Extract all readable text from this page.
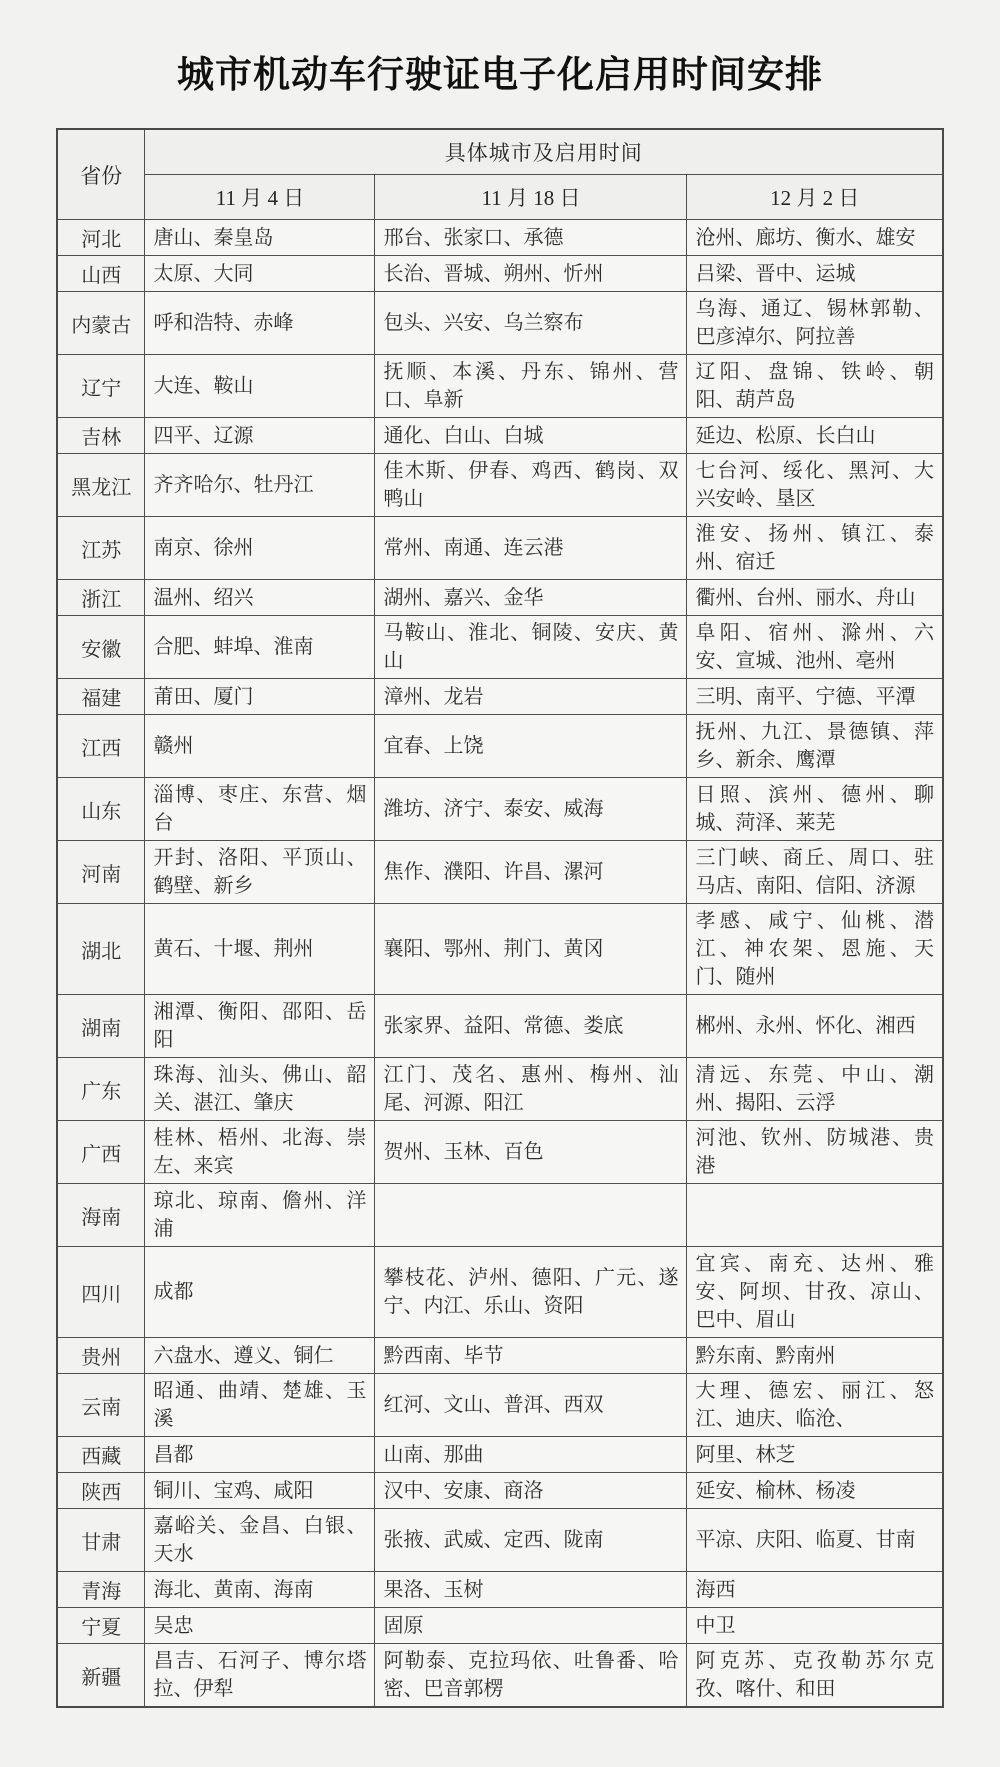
城市机动车行驶证电子化启用时间安排
省份	具体城市及启用时间		
	11 月 4 日	11 月 18 日	12 月 2 日
河北	唐山、秦皇岛	邢台、张家口、承德	沧州、廊坊、衡水、雄安
山西	太原、大同	长治、晋城、朔州、忻州	吕梁、晋中、运城
内蒙古	呼和浩特、赤峰	包头、兴安、乌兰察布	乌海、通辽、锡林郭勒、巴彦淖尔、阿拉善
辽宁	大连、鞍山	抚顺、本溪、丹东、锦州、营口、阜新	辽阳、盘锦、铁岭、朝阳、葫芦岛
吉林	四平、辽源	通化、白山、白城	延边、松原、长白山
黑龙江	齐齐哈尔、牡丹江	佳木斯、伊春、鸡西、鹤岗、双鸭山	七台河、绥化、黑河、大兴安岭、垦区
江苏	南京、徐州	常州、南通、连云港	淮安、扬州、镇江、泰州、宿迁
浙江	温州、绍兴	湖州、嘉兴、金华	衢州、台州、丽水、舟山
安徽	合肥、蚌埠、淮南	马鞍山、淮北、铜陵、安庆、黄山	阜阳、宿州、滁州、六安、宣城、池州、亳州
福建	莆田、厦门	漳州、龙岩	三明、南平、宁德、平潭
江西	赣州	宜春、上饶	抚州、九江、景德镇、萍乡、新余、鹰潭
山东	淄博、枣庄、东营、烟台	潍坊、济宁、泰安、威海	日照、滨州、德州、聊城、菏泽、莱芜
河南	开封、洛阳、平顶山、鹤壁、新乡	焦作、濮阳、许昌、漯河	三门峡、商丘、周口、驻马店、南阳、信阳、济源
湖北	黄石、十堰、荆州	襄阳、鄂州、荆门、黄冈	孝感、咸宁、仙桃、潜江、神农架、恩施、天门、随州
湖南	湘潭、衡阳、邵阳、岳阳	张家界、益阳、常德、娄底	郴州、永州、怀化、湘西
广东	珠海、汕头、佛山、韶关、湛江、肇庆	江门、茂名、惠州、梅州、汕尾、河源、阳江	清远、东莞、中山、潮州、揭阳、云浮
广西	桂林、梧州、北海、崇左、来宾	贺州、玉林、百色	河池、钦州、防城港、贵港
海南	琼北、琼南、儋州、洋浦		
四川	成都	攀枝花、泸州、德阳、广元、遂宁、内江、乐山、资阳	宜宾、南充、达州、雅安、阿坝、甘孜、凉山、巴中、眉山
贵州	六盘水、遵义、铜仁	黔西南、毕节	黔东南、黔南州
云南	昭通、曲靖、楚雄、玉溪	红河、文山、普洱、西双	大理、德宏、丽江、怒江、迪庆、临沧、
西藏	昌都	山南、那曲	阿里、林芝
陕西	铜川、宝鸡、咸阳	汉中、安康、商洛	延安、榆林、杨凌
甘肃	嘉峪关、金昌、白银、天水	张掖、武威、定西、陇南	平凉、庆阳、临夏、甘南
青海	海北、黄南、海南	果洛、玉树	海西
宁夏	吴忠	固原	中卫
新疆	昌吉、石河子、博尔塔拉、伊犁	阿勒泰、克拉玛依、吐鲁番、哈密、巴音郭楞	阿克苏、克孜勒苏尔克孜、喀什、和田
